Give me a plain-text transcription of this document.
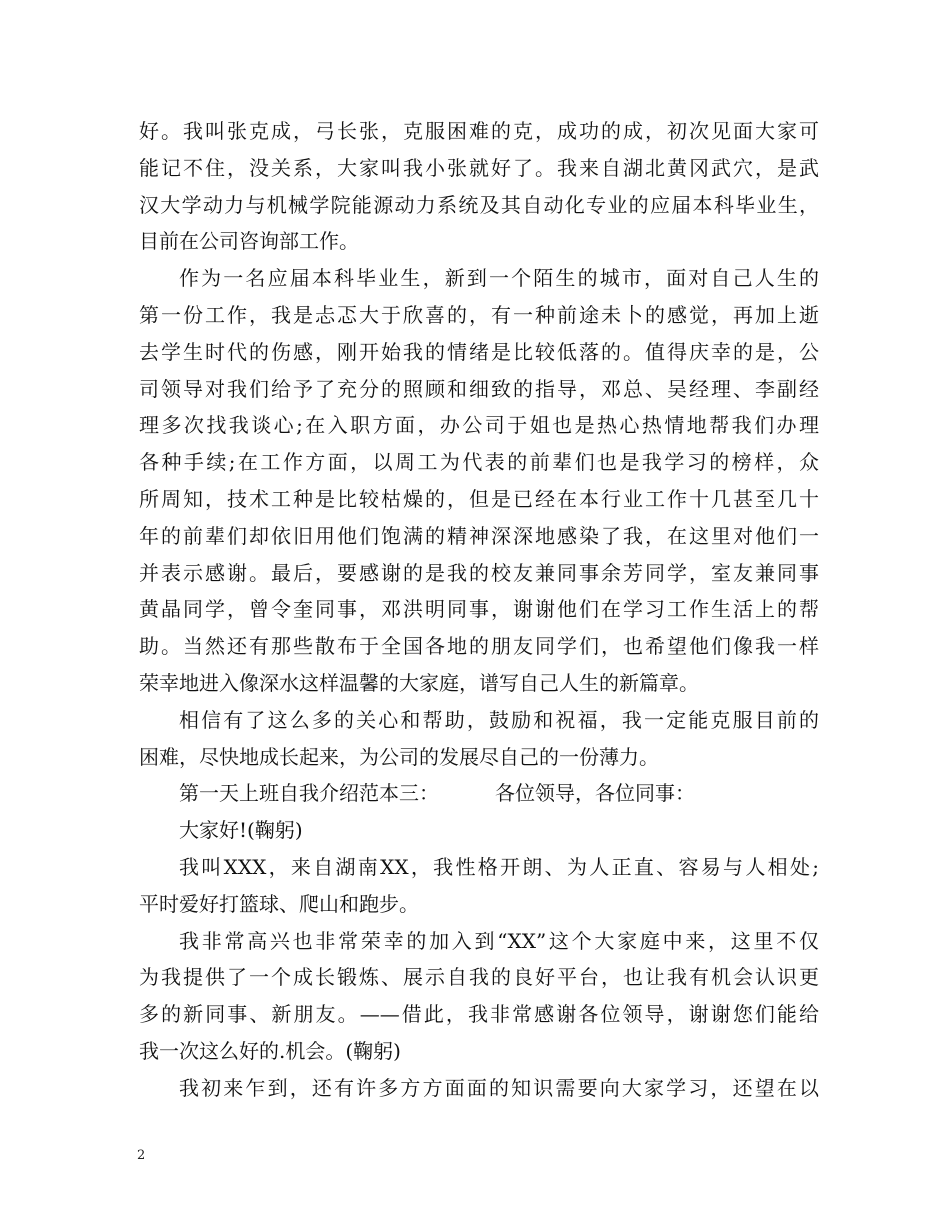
好。我叫张克成，弓长张，克服困难的克，成功的成，初次见面大家可
能记不住，没关系，大家叫我小张就好了。我来自湖北黄冈武穴，是武
汉大学动力与机械学院能源动力系统及其自动化专业的应届本科毕业生，
目前在公司咨询部工作。
作为一名应届本科毕业生，新到一个陌生的城市，面对自己人生的
第一份工作，我是忐忑大于欣喜的，有一种前途未卜的感觉，再加上逝
去学生时代的伤感，刚开始我的情绪是比较低落的。值得庆幸的是，公
司领导对我们给予了充分的照顾和细致的指导，邓总、吴经理、李副经
理多次找我谈心;在入职方面，办公司于姐也是热心热情地帮我们办理
各种手续;在工作方面，以周工为代表的前辈们也是我学习的榜样，众
所周知，技术工种是比较枯燥的，但是已经在本行业工作十几甚至几十
年的前辈们却依旧用他们饱满的精神深深地感染了我，在这里对他们一
并表示感谢。最后，要感谢的是我的校友兼同事余芳同学，室友兼同事
黄晶同学，曾令奎同事，邓洪明同事，谢谢他们在学习工作生活上的帮
助。当然还有那些散布于全国各地的朋友同学们，也希望他们像我一样
荣幸地进入像深水这样温馨的大家庭，谱写自己人生的新篇章。
相信有了这么多的关心和帮助，鼓励和祝福，我一定能克服目前的
困难，尽快地成长起来，为公司的发展尽自己的一份薄力。
第一天上班自我介绍范本三：	各位领导，各位同事：
大家好!(鞠躬)
我叫XXX，来自湖南XX，我性格开朗、为人正直、容易与人相处;
平时爱好打篮球、爬山和跑步。
我非常高兴也非常荣幸的加入到“XX”这个大家庭中来，这里不仅
为我提供了一个成长锻炼、展示自我的良好平台，也让我有机会认识更
多的新同事、新朋友。——借此，我非常感谢各位领导，谢谢您们能给
我一次这么好的.机会。(鞠躬)
我初来乍到，还有许多方方面面的知识需要向大家学习，还望在以
2
